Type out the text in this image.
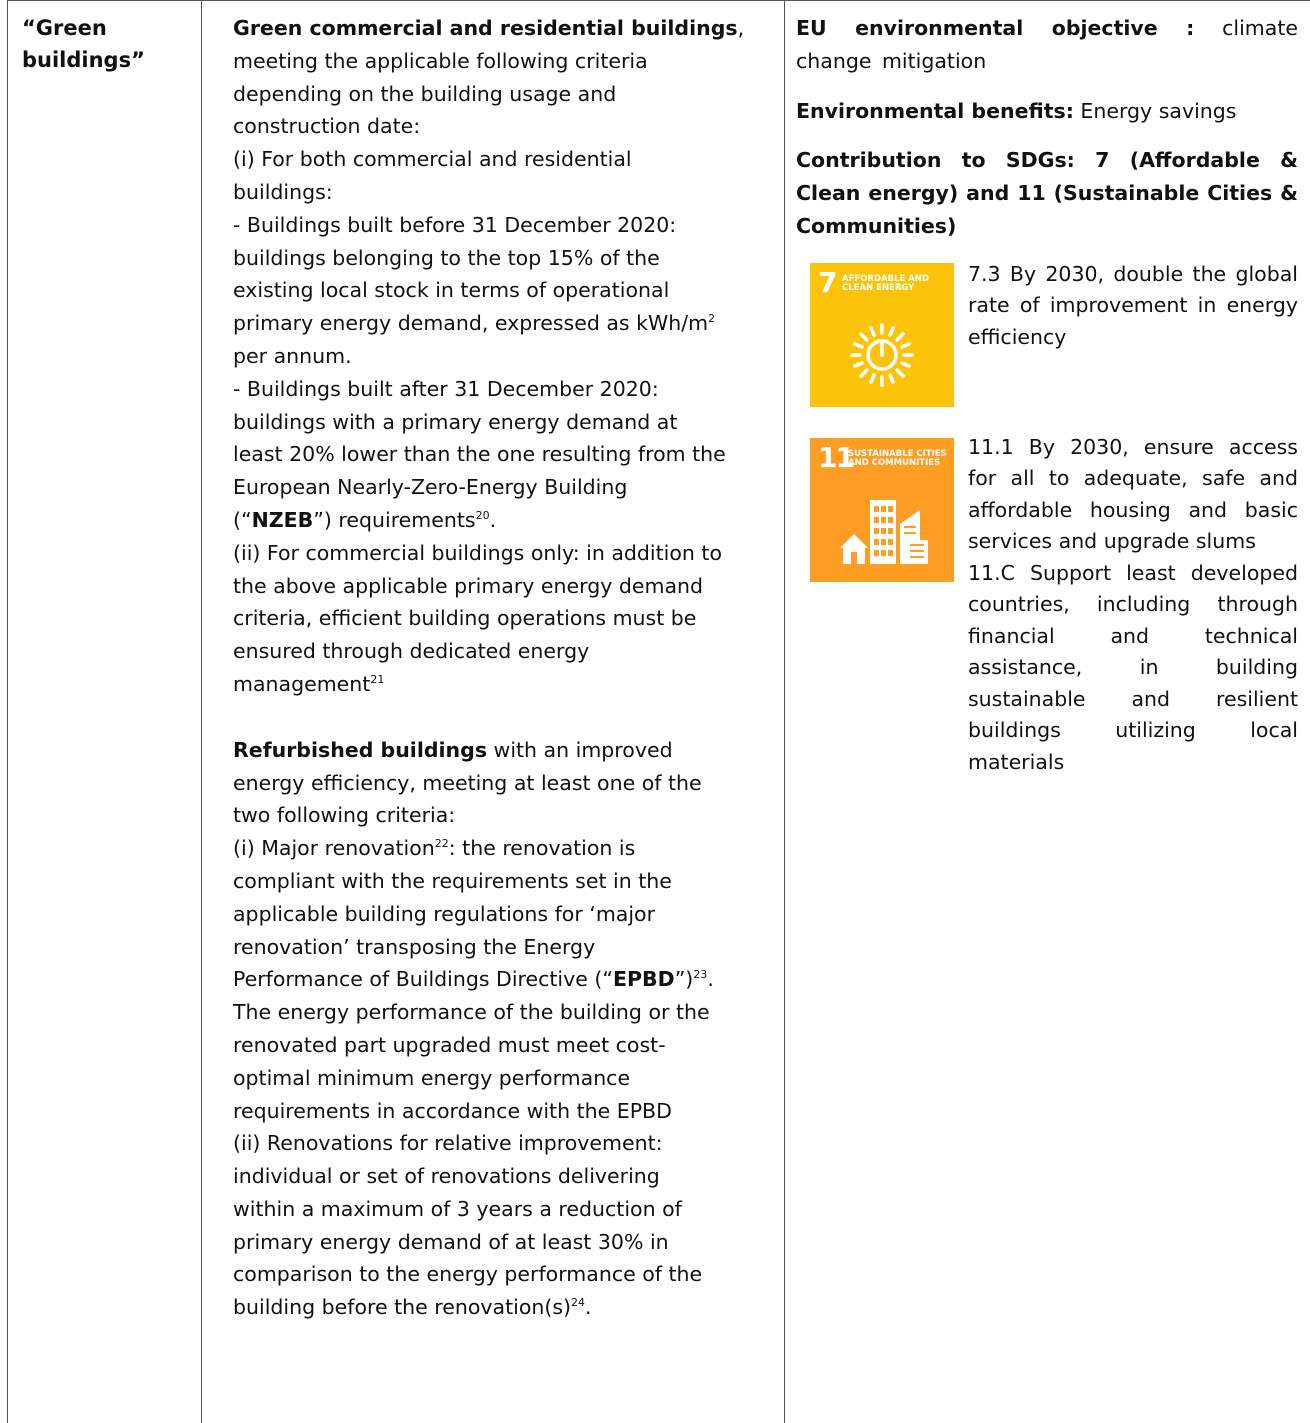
“Green
buildings”
Green commercial and residential buildings,
meeting the applicable following criteria
depending on the building usage and
construction date:
(i) For both commercial and residential
buildings:
- Buildings built before 31 December 2020:
buildings belonging to the top 15% of the
existing local stock in terms of operational
primary energy demand, expressed as kWh/$m^2$
per annum.
- Buildings built after 31 December 2020:
buildings with a primary energy demand at
least 20% lower than the one resulting from the
European Nearly-Zero-Energy Building
(“NZEB”) requirements$^{20}$.
(ii) For commercial buildings only: in addition to
the above applicable primary energy demand
criteria, efficient building operations must be
ensured through dedicated energy
management$^{21}$
Refurbished buildings with an improved
energy efficiency, meeting at least one of the
two following criteria:
(i) Major renovation$^{22}$: the renovation is
compliant with the requirements set in the
applicable building regulations for ‘major
renovation’ transposing the Energy
Performance of Buildings Directive (“EPBD”)$^{23}$.
The energy performance of the building or the
renovated part upgraded must meet cost-
optimal minimum energy performance
requirements in accordance with the EPBD
(ii) Renovations for relative improvement:
individual or set of renovations delivering
within a maximum of 3 years a reduction of
primary energy demand of at least 30% in
comparison to the energy performance of the
building before the $renovation(s)^{24}$.

EU environmental objective : climate change mitigation

Environmental benefits: Energy savings

Contribution to SDGs: 7 (Affordable & Clean energy) and 11 (Sustainable Cities & Communities)

7 AFFORDABLE AND
CLEAN ENERGY
7.3 By 2030, double the global rate of improvement in energy efficiency
11
SUSTAINABLE CITIES
AND COMMUNITIES
11.1 By 2030, ensure access for all to adequate, safe and affordable housing and basic services and upgrade slums
11.C Support least developed countries, including through financial and technical assistance, in building sustainable and resilient buildings utilizing local materials
